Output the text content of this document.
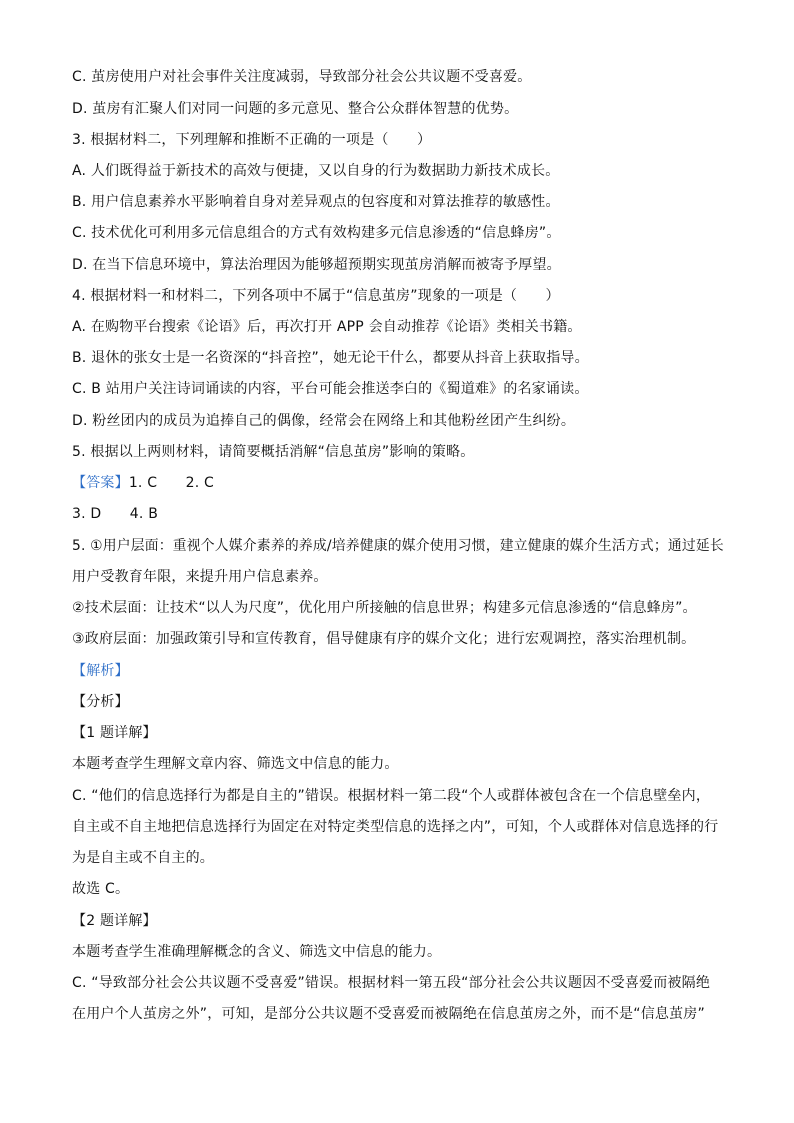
C. 茧房使用户对社会事件关注度减弱，导致部分社会公共议题不受喜爱。
D. 茧房有汇聚人们对同一问题的多元意见、整合公众群体智慧的优势。
3. 根据材料二，下列理解和推断不正确的一项是（　　）
A. 人们既得益于新技术的高效与便捷，又以自身的行为数据助力新技术成长。
B. 用户信息素养水平影响着自身对差异观点的包容度和对算法推荐的敏感性。
C. 技术优化可利用多元信息组合的方式有效构建多元信息渗透的“信息蜂房”。
D. 在当下信息环境中，算法治理因为能够超预期实现茧房消解而被寄予厚望。
4. 根据材料一和材料二，下列各项中不属于“信息茧房”现象的一项是（　　）
A. 在购物平台搜索《论语》后，再次打开 APP 会自动推荐《论语》类相关书籍。
B. 退休的张女士是一名资深的“抖音控”，她无论干什么，都要从抖音上获取指导。
C. B 站用户关注诗词诵读的内容，平台可能会推送李白的《蜀道难》的名家诵读。
D. 粉丝团内的成员为追捧自己的偶像，经常会在网络上和其他粉丝团产生纠纷。
5. 根据以上两则材料，请简要概括消解“信息茧房”影响的策略。
【答案】1. C　　2. C
3. D　　4. B
5. ①用户层面：重视个人媒介素养的养成/培养健康的媒介使用习惯，建立健康的媒介生活方式；通过延长
用户受教育年限，来提升用户信息素养。
②技术层面：让技术“以人为尺度”，优化用户所接触的信息世界；构建多元信息渗透的“信息蜂房”。
③政府层面：加强政策引导和宣传教育，倡导健康有序的媒介文化；进行宏观调控，落实治理机制。
【解析】
【分析】
【1 题详解】
本题考查学生理解文章内容、筛选文中信息的能力。
C. “他们的信息选择行为都是自主的”错误。根据材料一第二段“个人或群体被包含在一个信息壁垒内，
自主或不自主地把信息选择行为固定在对特定类型信息的选择之内”，可知，个人或群体对信息选择的行
为是自主或不自主的。
故选 C。
【2 题详解】
本题考查学生准确理解概念的含义、筛选文中信息的能力。
C. “导致部分社会公共议题不受喜爱”错误。根据材料一第五段“部分社会公共议题因不受喜爱而被隔绝
在用户个人茧房之外”，可知，是部分公共议题不受喜爱而被隔绝在信息茧房之外，而不是“信息茧房”
